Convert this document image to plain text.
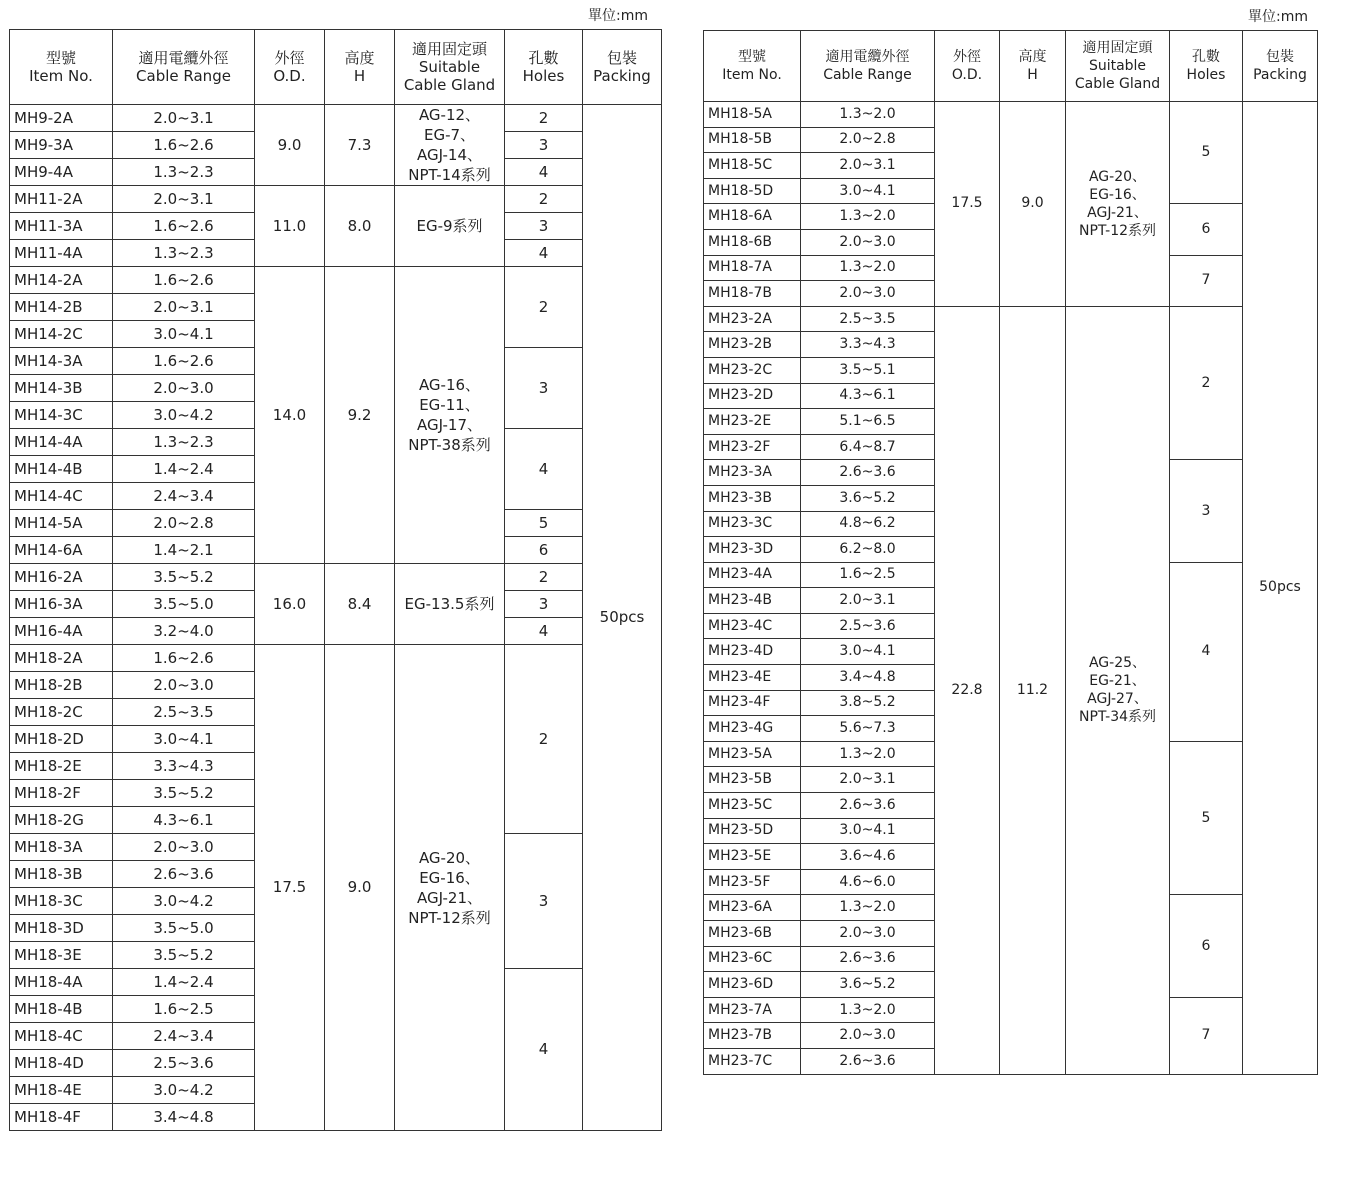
單位:mm	單位:mm
型號
Item No.	適用電纜外徑
Cable Range	外徑
O.D.	高度
H	適用固定頭
Suitable
Cable Gland	孔數
Holes	包裝
Packing

MH9-2A	2.0~3.1	9.0	7.3	AG-12、
EG-7、
AGJ-14、
NPT-14系列	2	50pcs
MH9-3A	1.6~2.6				3	
MH9-4A	1.3~2.3				4	
MH11-2A	2.0~3.1	11.0	8.0	EG-9系列	2	
MH11-3A	1.6~2.6				3	
MH11-4A	1.3~2.3				4	
MH14-2A	1.6~2.6	14.0	9.2	AG-16、
EG-11、
AGJ-17、
NPT-38系列	2	
MH14-2B	2.0~3.1					
MH14-2C	3.0~4.1					
MH14-3A	1.6~2.6				3	
MH14-3B	2.0~3.0					
MH14-3C	3.0~4.2					
MH14-4A	1.3~2.3				4	
MH14-4B	1.4~2.4					
MH14-4C	2.4~3.4					
MH14-5A	2.0~2.8				5	
MH14-6A	1.4~2.1				6	
MH16-2A	3.5~5.2	16.0	8.4	EG-13.5系列	2	
MH16-3A	3.5~5.0				3	
MH16-4A	3.2~4.0				4	
MH18-2A	1.6~2.6	17.5	9.0	AG-20、
EG-16、
AGJ-21、
NPT-12系列	2	
MH18-2B	2.0~3.0					
MH18-2C	2.5~3.5					
MH18-2D	3.0~4.1					
MH18-2E	3.3~4.3					
MH18-2F	3.5~5.2					
MH18-2G	4.3~6.1					
MH18-3A	2.0~3.0				3	
MH18-3B	2.6~3.6					
MH18-3C	3.0~4.2					
MH18-3D	3.5~5.0					
MH18-3E	3.5~5.2					
MH18-4A	1.4~2.4				4	
MH18-4B	1.6~2.5					
MH18-4C	2.4~3.4					
MH18-4D	2.5~3.6					
MH18-4E	3.0~4.2					
MH18-4F	3.4~4.8					
型號
Item No.	適用電纜外徑
Cable Range	外徑
O.D.	高度
H	適用固定頭
Suitable
Cable Gland	孔數
Holes	包裝
Packing

MH18-5A	1.3~2.0	17.5	9.0	AG-20、
EG-16、
AGJ-21、
NPT-12系列	5	50pcs
MH18-5B	2.0~2.8					
MH18-5C	2.0~3.1					
MH18-5D	3.0~4.1					
MH18-6A	1.3~2.0				6	
MH18-6B	2.0~3.0					
MH18-7A	1.3~2.0				7	
MH18-7B	2.0~3.0					
MH23-2A	2.5~3.5	22.8	11.2	AG-25、
EG-21、
AGJ-27、
NPT-34系列	2	
MH23-2B	3.3~4.3					
MH23-2C	3.5~5.1					
MH23-2D	4.3~6.1					
MH23-2E	5.1~6.5					
MH23-2F	6.4~8.7					
MH23-3A	2.6~3.6				3	
MH23-3B	3.6~5.2					
MH23-3C	4.8~6.2					
MH23-3D	6.2~8.0					
MH23-4A	1.6~2.5				4	
MH23-4B	2.0~3.1					
MH23-4C	2.5~3.6					
MH23-4D	3.0~4.1					
MH23-4E	3.4~4.8					
MH23-4F	3.8~5.2					
MH23-4G	5.6~7.3					
MH23-5A	1.3~2.0				5	
MH23-5B	2.0~3.1					
MH23-5C	2.6~3.6					
MH23-5D	3.0~4.1					
MH23-5E	3.6~4.6					
MH23-5F	4.6~6.0					
MH23-6A	1.3~2.0				6	
MH23-6B	2.0~3.0					
MH23-6C	2.6~3.6					
MH23-6D	3.6~5.2					
MH23-7A	1.3~2.0				7	
MH23-7B	2.0~3.0					
MH23-7C	2.6~3.6					
